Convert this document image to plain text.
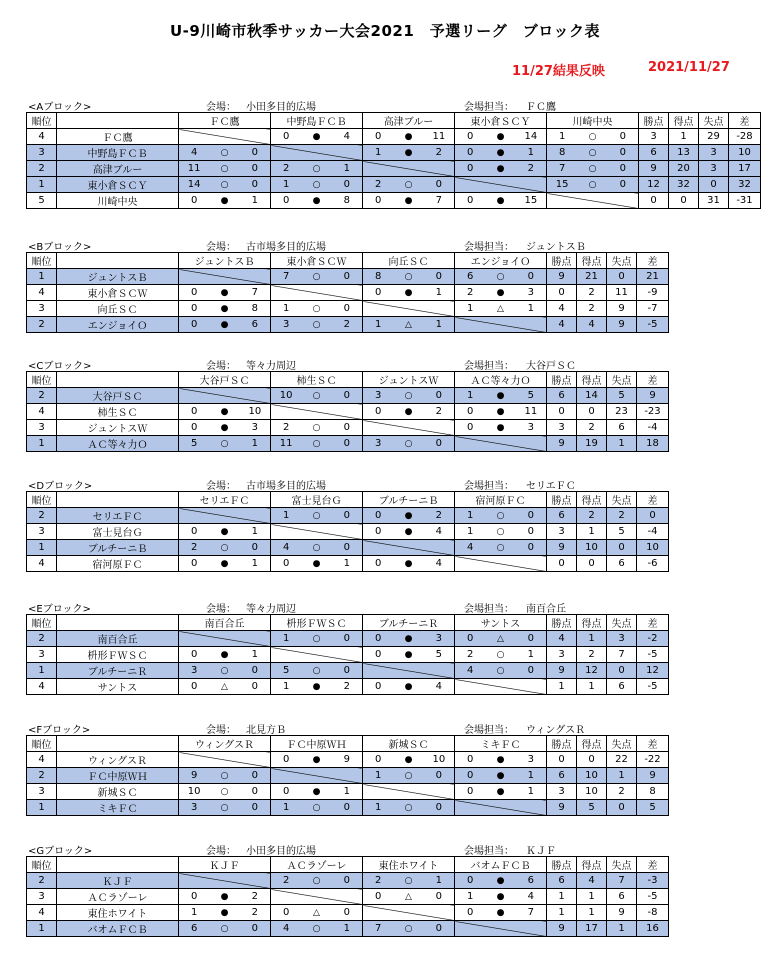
U-9川崎市秋季サッカー大会2021　予選リーグ　ブロック表
11/27結果反映	2021/11/27
<Aブロック>	会場： 小田多目的広場	会場担当： ＦＣ鷹
順位		ＦＣ鷹	中野島ＦＣＢ	高津ブルー	東小倉ＳＣＹ	川崎中央	勝点	得点	失点	差
4	ＦＣ鷹		0 ● 4	0 ● 11	0 ● 14	1 ○ 0	3	1	29	-28
3	中野島ＦＣＢ	4 ○ 0		1 ● 2	0 ● 1	8 ○ 0	6	13	3	10
2	高津ブルー	11 ○ 0	2 ○ 1		0 ● 2	7 ○ 0	9	20	3	17
1	東小倉ＳＣＹ	14 ○ 0	1 ○ 0	2 ○ 0		15 ○ 0	12	32	0	32
5	川崎中央	0 ● 1	0 ● 8	0 ● 7	0 ● 15		0	0	31	-31
<Bブロック>	会場： 古市場多目的広場	会場担当： ジュントスＢ
順位		ジュントスＢ	東小倉ＳＣＷ	向丘ＳＣ	エンジョイＯ	勝点	得点	失点	差
1	ジュントスＢ		7 ○ 0	8 ○ 0	6 ○ 0	9	21	0	21
4	東小倉ＳＣＷ	0 ● 7		0 ● 1	2 ● 3	0	2	11	-9
3	向丘ＳＣ	0 ● 8	1 ○ 0		1 △ 1	4	2	9	-7
2	エンジョイＯ	0 ● 6	3 ○ 2	1 △ 1		4	4	9	-5
<Cブロック>	会場： 等々力周辺	会場担当： 大谷戸ＳＣ
順位		大谷戸ＳＣ	柿生ＳＣ	ジュントスＷ	ＡＣ等々力Ｏ	勝点	得点	失点	差
2	大谷戸ＳＣ		10 ○ 0	3 ○ 0	1 ● 5	6	14	5	9
4	柿生ＳＣ	0 ● 10		0 ● 2	0 ● 11	0	0	23	-23
3	ジュントスＷ	0 ● 3	2 ○ 0		0 ● 3	3	2	6	-4
1	ＡＣ等々力Ｏ	5 ○ 1	11 ○ 0	3 ○ 0		9	19	1	18
<Dブロック>	会場： 古市場多目的広場	会場担当： セリエＦＣ
順位		セリエＦＣ	富士見台Ｇ	ブルチーニＢ	宿河原ＦＣ	勝点	得点	失点	差
2	セリエＦＣ		1 ○ 0	0 ● 2	1 ○ 0	6	2	2	0
3	富士見台Ｇ	0 ● 1		0 ● 4	1 ○ 0	3	1	5	-4
1	ブルチーニＢ	2 ○ 0	4 ○ 0		4 ○ 0	9	10	0	10
4	宿河原ＦＣ	0 ● 1	0 ● 1	0 ● 4		0	0	6	-6
<Eブロック>	会場： 等々力周辺	会場担当： 南百合丘
順位		南百合丘	枡形ＦＷＳＣ	ブルチーニＲ	サントス	勝点	得点	失点	差
2	南百合丘		1 ○ 0	0 ● 3	0 △ 0	4	1	3	-2
3	枡形ＦＷＳＣ	0 ● 1		0 ● 5	2 ○ 1	3	2	7	-5
1	ブルチーニＲ	3 ○ 0	5 ○ 0		4 ○ 0	9	12	0	12
4	サントス	0 △ 0	1 ● 2	0 ● 4		1	1	6	-5
<Fブロック>	会場： 北見方Ｂ	会場担当： ウィングスＲ
順位		ウィングスＲ	ＦＣ中原ＷＨ	新城ＳＣ	ミキＦＣ	勝点	得点	失点	差
4	ウィングスＲ		0 ● 9	0 ● 10	0 ● 3	0	0	22	-22
2	ＦＣ中原ＷＨ	9 ○ 0		1 ○ 0	0 ● 1	6	10	1	9
3	新城ＳＣ	10 ○ 0	0 ● 1		0 ● 1	3	10	2	8
1	ミキＦＣ	3 ○ 0	1 ○ 0	1 ○ 0		9	5	0	5
<Gブロック>	会場： 小田多目的広場	会場担当： ＫＪＦ
順位		ＫＪＦ	ＡＣラゾーレ	東住ホワイト	バオムＦＣＢ	勝点	得点	失点	差
2	ＫＪＦ		2 ○ 0	2 ○ 1	0 ● 6	6	4	7	-3
3	ＡＣラゾーレ	0 ● 2		0 △ 0	1 ● 4	1	1	6	-5
4	東住ホワイト	1 ● 2	0 △ 0		0 ● 7	1	1	9	-8
1	バオムＦＣＢ	6 ○ 0	4 ○ 1	7 ○ 0		9	17	1	16
